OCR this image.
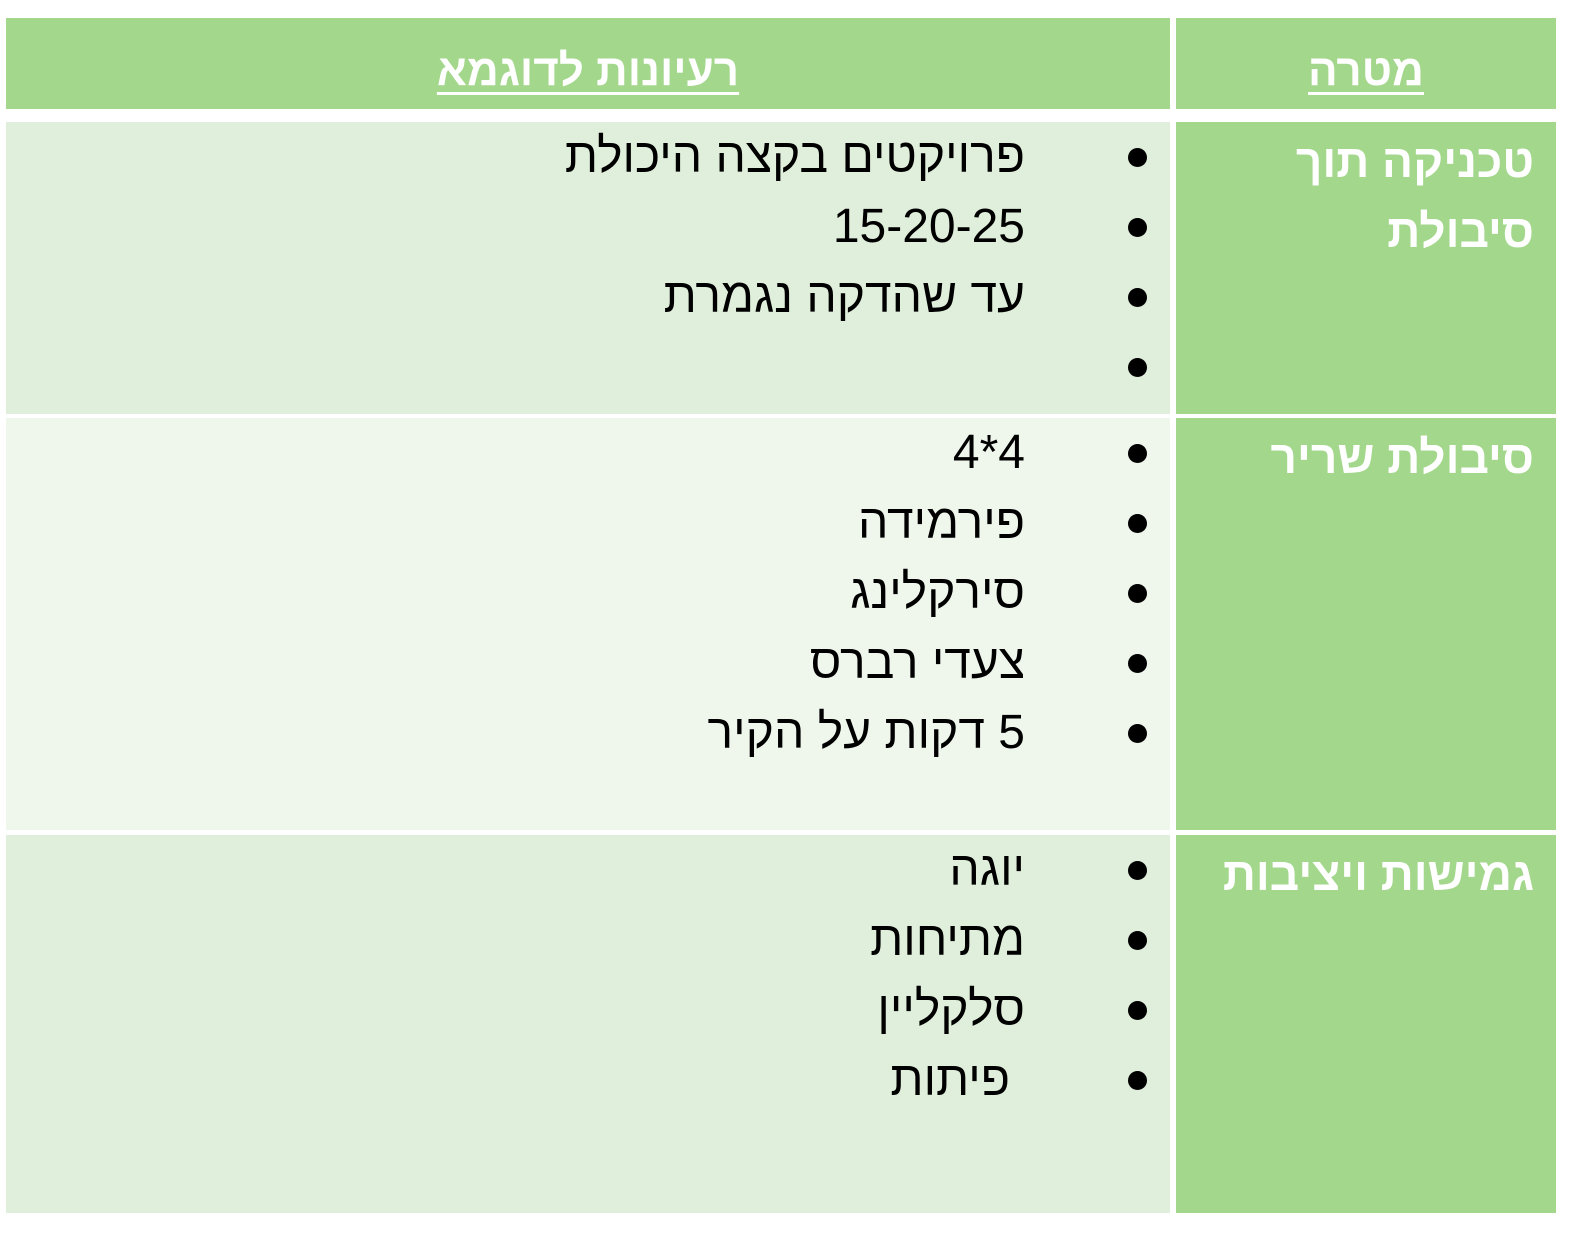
רעיונות לדוגמא	מטרה
טכניקה תוך
סיבולת
פרויקטים בקצה היכולת
15-20-25
עד שהדקה נגמרת
סיבולת שריר
4*4
פירמידה
סירקלינג
צעדי רברס
5 דקות על הקיר
גמישות ויציבות
יוגה
מתיחות
סלקליין
פיתות
